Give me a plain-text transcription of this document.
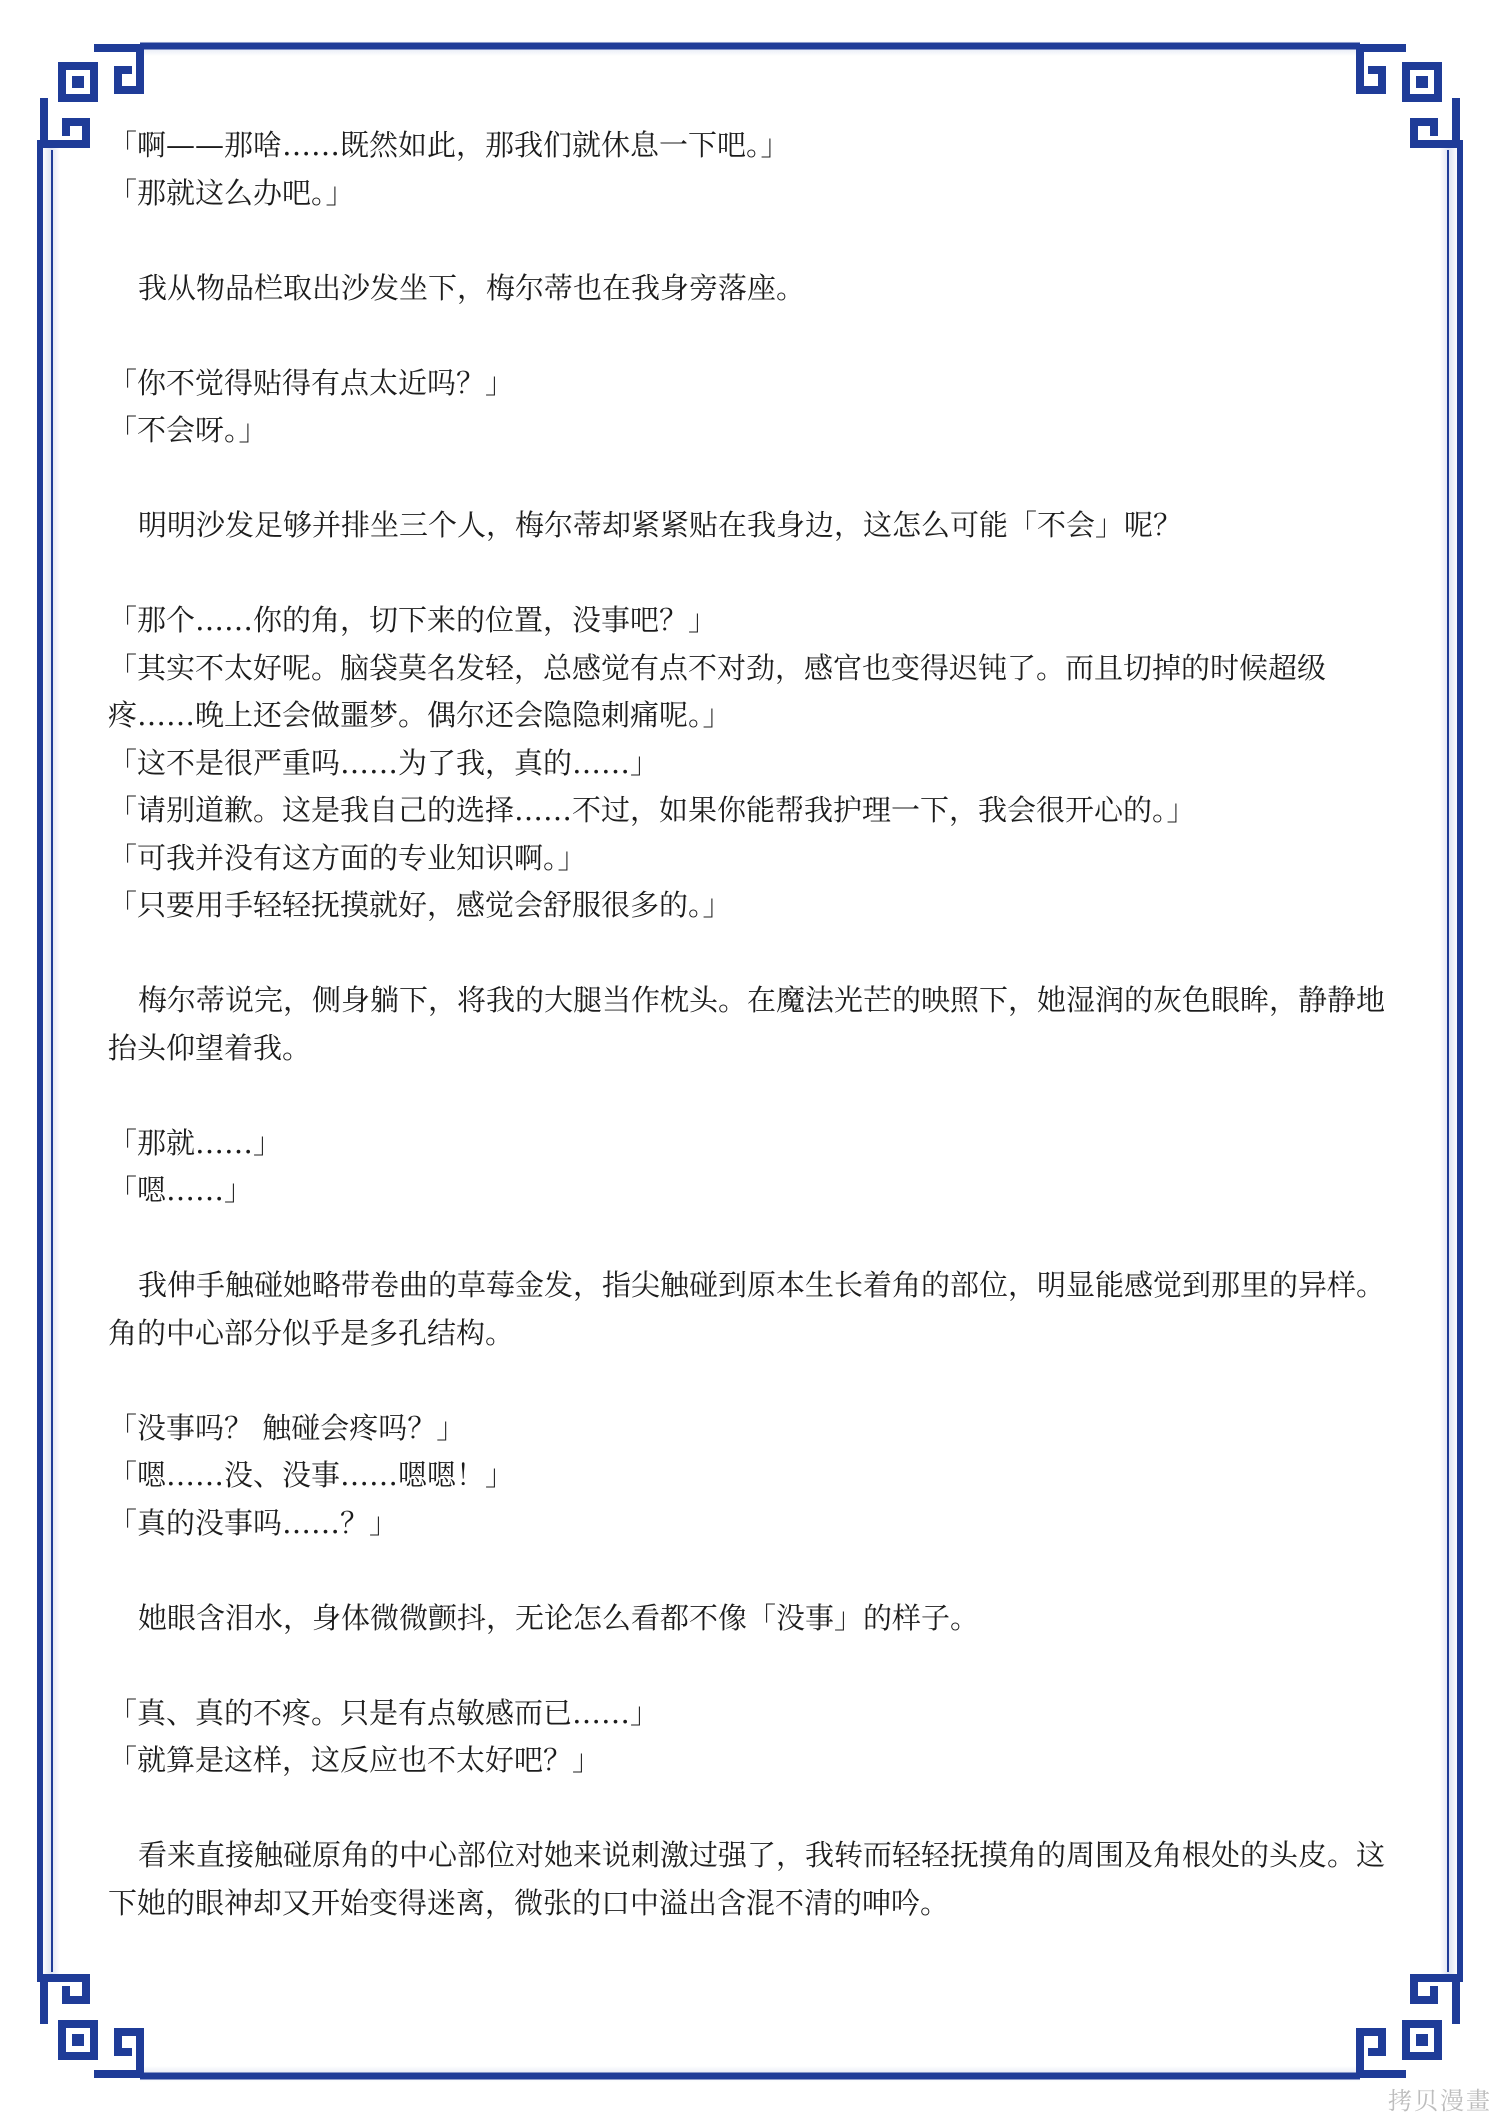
「啊——那啥……既然如此，那我们就休息一下吧。」

「那就这么办吧。」

我从物品栏取出沙发坐下，梅尔蒂也在我身旁落座。

「你不觉得贴得有点太近吗？」

「不会呀。」

明明沙发足够并排坐三个人，梅尔蒂却紧紧贴在我身边，这怎么可能「不会」呢？

「那个……你的角，切下来的位置，没事吧？」

「其实不太好呢。脑袋莫名发轻，总感觉有点不对劲，感官也变得迟钝了。而且切掉的时候超级疼……晚上还会做噩梦。偶尔还会隐隐刺痛呢。」

「这不是很严重吗……为了我，真的……」

「请别道歉。这是我自己的选择……不过，如果你能帮我护理一下，我会很开心的。」

「可我并没有这方面的专业知识啊。」

「只要用手轻轻抚摸就好，感觉会舒服很多的。」

梅尔蒂说完，侧身躺下，将我的大腿当作枕头。在魔法光芒的映照下，她湿润的灰色眼眸，静静地抬头仰望着我。

「那就……」

「嗯……」

我伸手触碰她略带卷曲的草莓金发，指尖触碰到原本生长着角的部位，明显能感觉到那里的异样。角的中心部分似乎是多孔结构。

「没事吗？ 触碰会疼吗？」

「嗯……没、没事……嗯嗯！」

「真的没事吗……？」

她眼含泪水，身体微微颤抖，无论怎么看都不像「没事」的样子。

「真、真的不疼。只是有点敏感而已……」

「就算是这样，这反应也不太好吧？」

看来直接触碰原角的中心部位对她来说刺激过强了，我转而轻轻抚摸角的周围及角根处的头皮。这下她的眼神却又开始变得迷离，微张的口中溢出含混不清的呻吟。

拷贝漫畫
